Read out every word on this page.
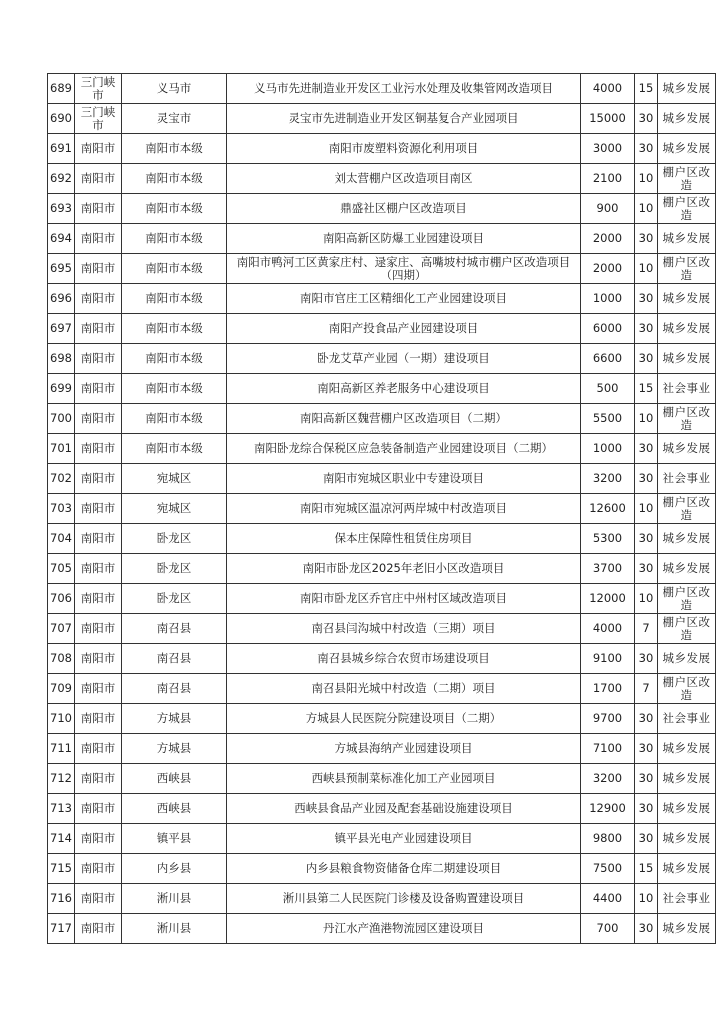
689	三门峡市	义马市	义马市先进制造业开发区工业污水处理及收集管网改造项目	4000	15	城乡发展
690	三门峡市	灵宝市	灵宝市先进制造业开发区铜基复合产业园项目	15000	30	城乡发展
691	南阳市	南阳市本级	南阳市废塑料资源化利用项目	3000	30	城乡发展
692	南阳市	南阳市本级	刘太营棚户区改造项目南区	2100	10	棚户区改造
693	南阳市	南阳市本级	鼎盛社区棚户区改造项目	900	10	棚户区改造
694	南阳市	南阳市本级	南阳高新区防爆工业园建设项目	2000	30	城乡发展
695	南阳市	南阳市本级	南阳市鸭河工区黄家庄村、逯家庄、高嘴坡村城市棚户区改造项目（四期）	2000	10	棚户区改造
696	南阳市	南阳市本级	南阳市官庄工区精细化工产业园建设项目	1000	30	城乡发展
697	南阳市	南阳市本级	南阳产投食品产业园建设项目	6000	30	城乡发展
698	南阳市	南阳市本级	卧龙艾草产业园（一期）建设项目	6600	30	城乡发展
699	南阳市	南阳市本级	南阳高新区养老服务中心建设项目	500	15	社会事业
700	南阳市	南阳市本级	南阳高新区魏营棚户区改造项目（二期）	5500	10	棚户区改造
701	南阳市	南阳市本级	南阳卧龙综合保税区应急装备制造产业园建设项目（二期）	1000	30	城乡发展
702	南阳市	宛城区	南阳市宛城区职业中专建设项目	3200	30	社会事业
703	南阳市	宛城区	南阳市宛城区温凉河两岸城中村改造项目	12600	10	棚户区改造
704	南阳市	卧龙区	保本庄保障性租赁住房项目	5300	30	城乡发展
705	南阳市	卧龙区	南阳市卧龙区2025年老旧小区改造项目	3700	30	城乡发展
706	南阳市	卧龙区	南阳市卧龙区乔官庄中州村区域改造项目	12000	10	棚户区改造
707	南阳市	南召县	南召县闫沟城中村改造（三期）项目	4000	7	棚户区改造
708	南阳市	南召县	南召县城乡综合农贸市场建设项目	9100	30	城乡发展
709	南阳市	南召县	南召县阳光城中村改造（二期）项目	1700	7	棚户区改造
710	南阳市	方城县	方城县人民医院分院建设项目（二期）	9700	30	社会事业
711	南阳市	方城县	方城县海纳产业园建设项目	7100	30	城乡发展
712	南阳市	西峡县	西峡县预制菜标准化加工产业园项目	3200	30	城乡发展
713	南阳市	西峡县	西峡县食品产业园及配套基础设施建设项目	12900	30	城乡发展
714	南阳市	镇平县	镇平县光电产业园建设项目	9800	30	城乡发展
715	南阳市	内乡县	内乡县粮食物资储备仓库二期建设项目	7500	15	城乡发展
716	南阳市	淅川县	淅川县第二人民医院门诊楼及设备购置建设项目	4400	10	社会事业
717	南阳市	淅川县	丹江水产渔港物流园区建设项目	700	30	城乡发展
